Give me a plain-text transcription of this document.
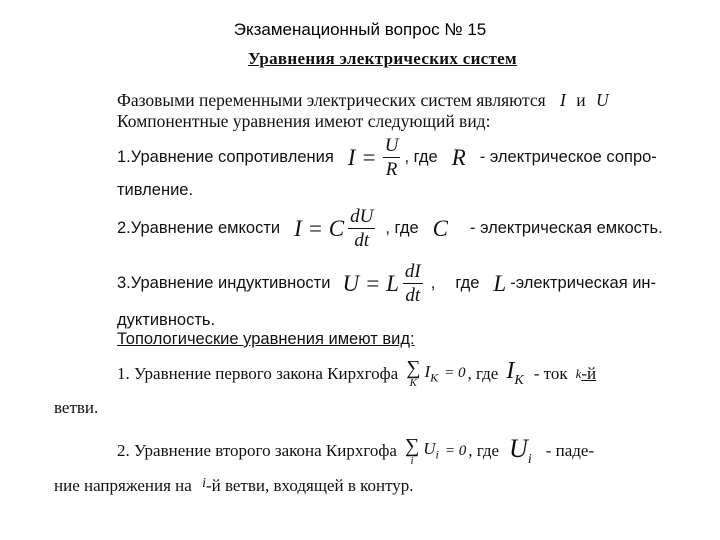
Экзаменационный вопрос № 15
Уравнения электрических систем
Фазовыми переменными электрических систем являются I и U
Компонентные уравнения имеют следующий вид:
1.Уравнение сопротивления $I = \frac{U}{R}$ , где R - электрическое сопро-
тивление.
2.Уравнение емкости I = C $\frac{dU}{dt}$ , где C - электрическая емкость.
3.Уравнение индуктивности U = L $\frac{dI}{dt}$ , где L -электрическая ин-
дуктивность.
Топологические уравнения имеют вид:
1. Уравнение первого закона Кирхгофа ∑
K
$I_K = 0$ , где $I_K$ - ток k -й
ветви.
2. Уравнение второго закона Кирхгофа ∑
i
$U_i = 0$ , где $U_i$ - паде-
ние напряжения на $^i$-й ветви, входящей в контур.
